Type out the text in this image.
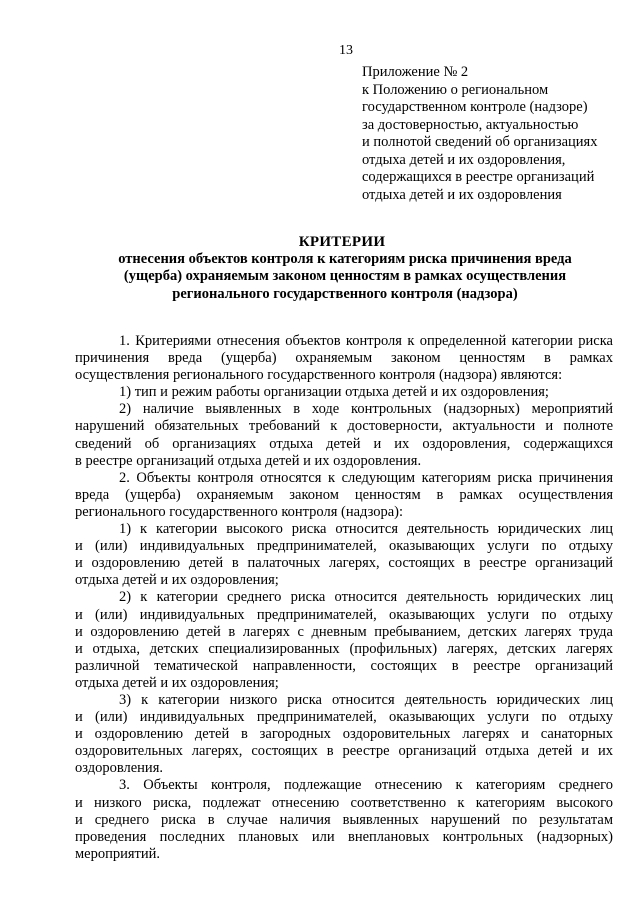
13
Приложение № 2
к Положению о региональном
государственном контроле (надзоре)
за достоверностью, актуальностью
и полнотой сведений об организациях
отдыха детей и их оздоровления,
содержащихся в реестре организаций
отдыха детей и их оздоровления
КРИТЕРИИ
отнесения объектов контроля к категориям риска причинения вреда
(ущерба) охраняемым законом ценностям в рамках осуществления
регионального государственного контроля (надзора)
1. Критериями отнесения объектов контроля к определенной категории риска
причинения вреда (ущерба) охраняемым законом ценностям в рамках
осуществления регионального государственного контроля (надзора) являются:
1) тип и режим работы организации отдыха детей и их оздоровления;
2) наличие выявленных в ходе контрольных (надзорных) мероприятий
нарушений обязательных требований к достоверности, актуальности и полноте
сведений об организациях отдыха детей и их оздоровления, содержащихся
в реестре организаций отдыха детей и их оздоровления.
2. Объекты контроля относятся к следующим категориям риска причинения
вреда (ущерба) охраняемым законом ценностям в рамках осуществления
регионального государственного контроля (надзора):
1) к категории высокого риска относится деятельность юридических лиц
и (или) индивидуальных предпринимателей, оказывающих услуги по отдыху
и оздоровлению детей в палаточных лагерях, состоящих в реестре организаций
отдыха детей и их оздоровления;
2) к категории среднего риска относится деятельность юридических лиц
и (или) индивидуальных предпринимателей, оказывающих услуги по отдыху
и оздоровлению детей в лагерях с дневным пребыванием, детских лагерях труда
и отдыха, детских специализированных (профильных) лагерях, детских лагерях
различной тематической направленности, состоящих в реестре организаций
отдыха детей и их оздоровления;
3) к категории низкого риска относится деятельность юридических лиц
и (или) индивидуальных предпринимателей, оказывающих услуги по отдыху
и оздоровлению детей в загородных оздоровительных лагерях и санаторных
оздоровительных лагерях, состоящих в реестре организаций отдыха детей и их
оздоровления.
3. Объекты контроля, подлежащие отнесению к категориям среднего
и низкого риска, подлежат отнесению соответственно к категориям высокого
и среднего риска в случае наличия выявленных нарушений по результатам
проведения последних плановых или внеплановых контрольных (надзорных)
мероприятий.
